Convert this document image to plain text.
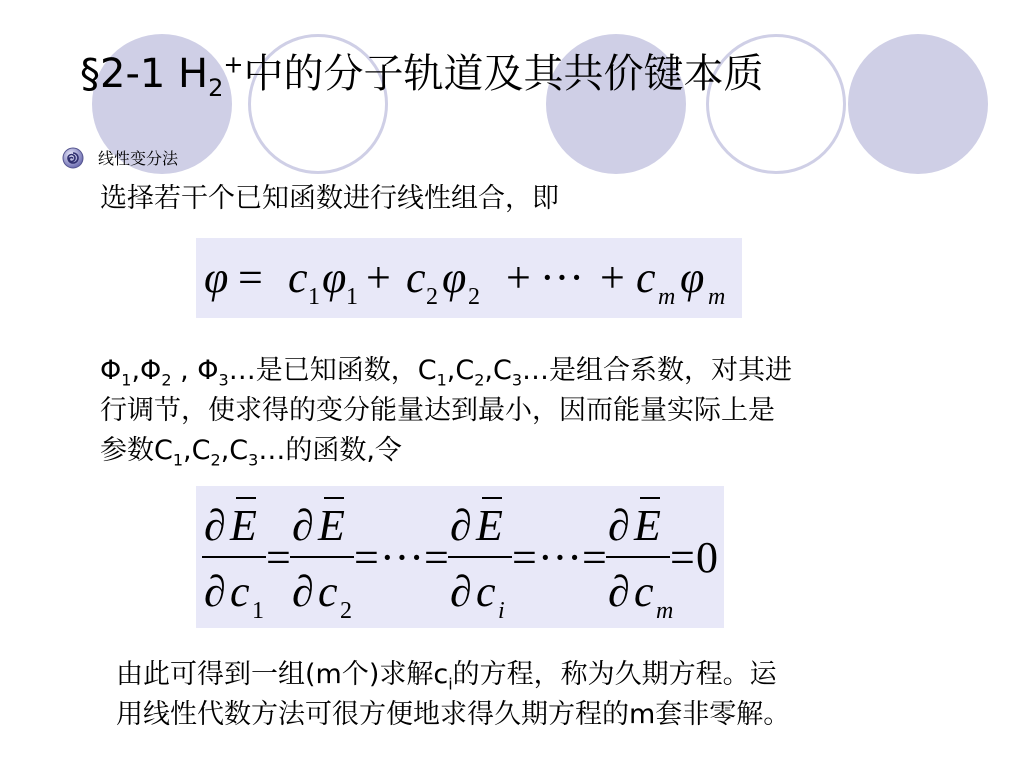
§2-1 $H_2^+$中的分子轨道及其共价键本质
线性变分法
选择若干个已知函数进行线性组合，即
φ c φ c φ	c φ
= +	+ ··· +
1 1	2 2	m m
$\Phi_1,\Phi_2$ , $\Phi_3\dots$是已知函数，$C_1,C_2,C_3\dots$是组合系数，对其进
行调节，使求得的变分能量达到最小，因而能量实际上是
参数$C_1,C_2,C_3\dots$的函数,令
∂ ∂	∂	∂
∂ ∂	∂	∂
= = ··· = = ··· = = 0
E E	E	E
c c	c	c
1	2	i	m
由此可得到一组(m个)求解$c_i$的方程，称为久期方程。运
用线性代数方法可很方便地求得久期方程的m套非零解。
